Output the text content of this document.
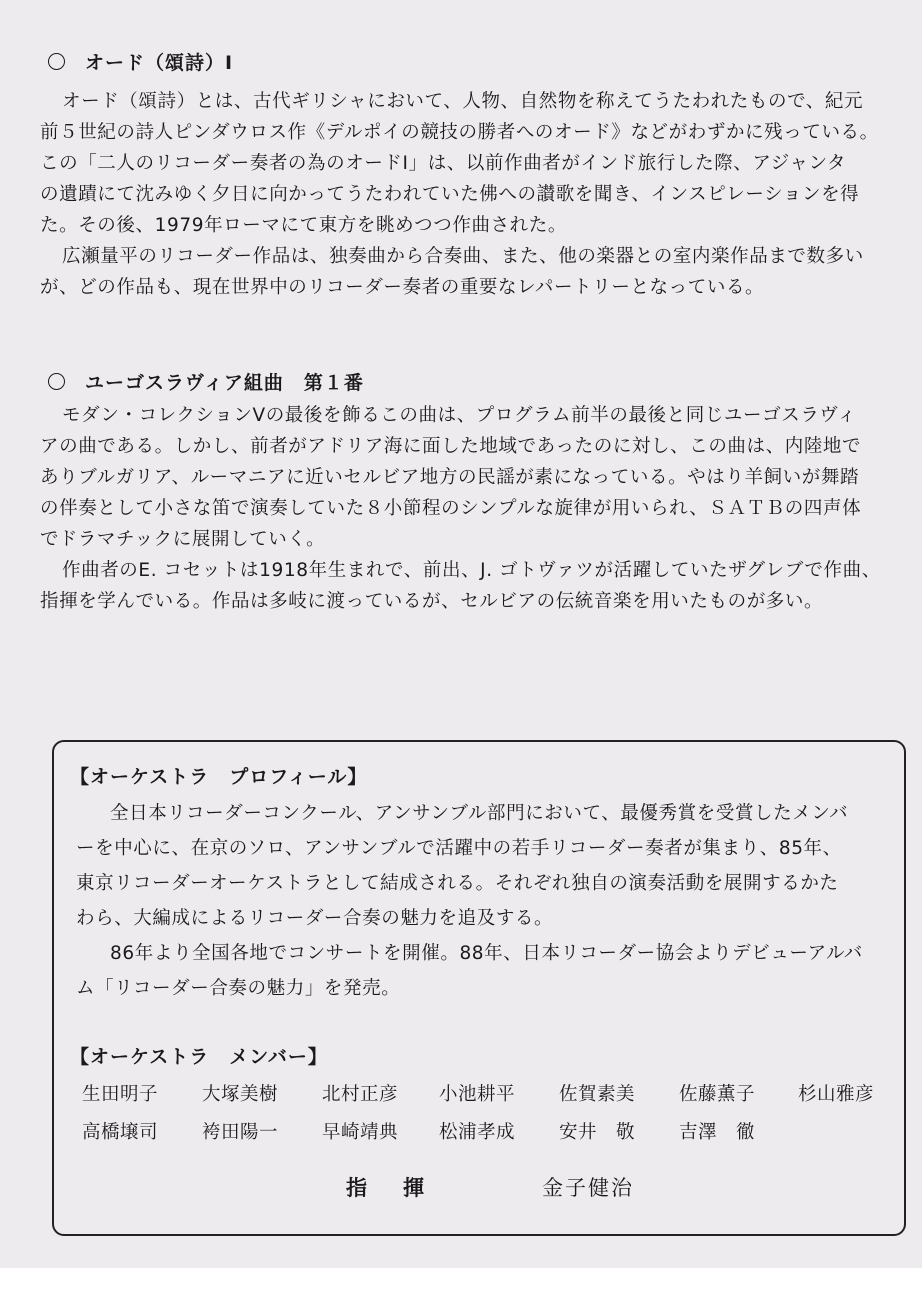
オード（頌詩）Ⅰ
オード（頌詩）とは、古代ギリシャにおいて、人物、自然物を称えてうたわれたもので、紀元
前５世紀の詩人ピンダウロス作《デルポイの競技の勝者へのオード》などがわずかに残っている。
この「二人のリコーダー奏者の為のオードⅠ」は、以前作曲者がインド旅行した際、アジャンタ
の遺蹟にて沈みゆく夕日に向かってうたわれていた佛への讃歌を聞き、インスピレーションを得
た。その後、1979年ローマにて東方を眺めつつ作曲された。
広瀬量平のリコーダー作品は、独奏曲から合奏曲、また、他の楽器との室内楽作品まで数多い
が、どの作品も、現在世界中のリコーダー奏者の重要なレパートリーとなっている。
ユーゴスラヴィア組曲　第１番
モダン・コレクションⅤの最後を飾るこの曲は、プログラム前半の最後と同じユーゴスラヴィ
アの曲である。しかし、前者がアドリア海に面した地域であったのに対し、この曲は、内陸地で
ありブルガリア、ルーマニアに近いセルビア地方の民謡が素になっている。やはり羊飼いが舞踏
の伴奏として小さな笛で演奏していた８小節程のシンプルな旋律が用いられ、ＳＡＴＢの四声体
でドラマチックに展開していく。
作曲者のE. コセットは1918年生まれで、前出、J. ゴトヴァツが活躍していたザグレブで作曲、
指揮を学んでいる。作品は多岐に渡っているが、セルビアの伝統音楽を用いたものが多い。
【オーケストラ　プロフィール】
全日本リコーダーコンクール、アンサンブル部門において、最優秀賞を受賞したメンバ
ーを中心に、在京のソロ、アンサンブルで活躍中の若手リコーダー奏者が集まり、85年、
東京リコーダーオーケストラとして結成される。それぞれ独自の演奏活動を展開するかた
わら、大編成によるリコーダー合奏の魅力を追及する。
86年より全国各地でコンサートを開催。88年、日本リコーダー協会よりデビューアルバ
ム「リコーダー合奏の魅力」を発売。
【オーケストラ　メンバー】
生田明子 大塚美樹 北村正彦 小池耕平 佐賀素美 佐藤薫子 杉山雅彦
高橋壌司 袴田陽一 早崎靖典 松浦孝成 安井　敬 吉澤　徹
指揮	金子健治
